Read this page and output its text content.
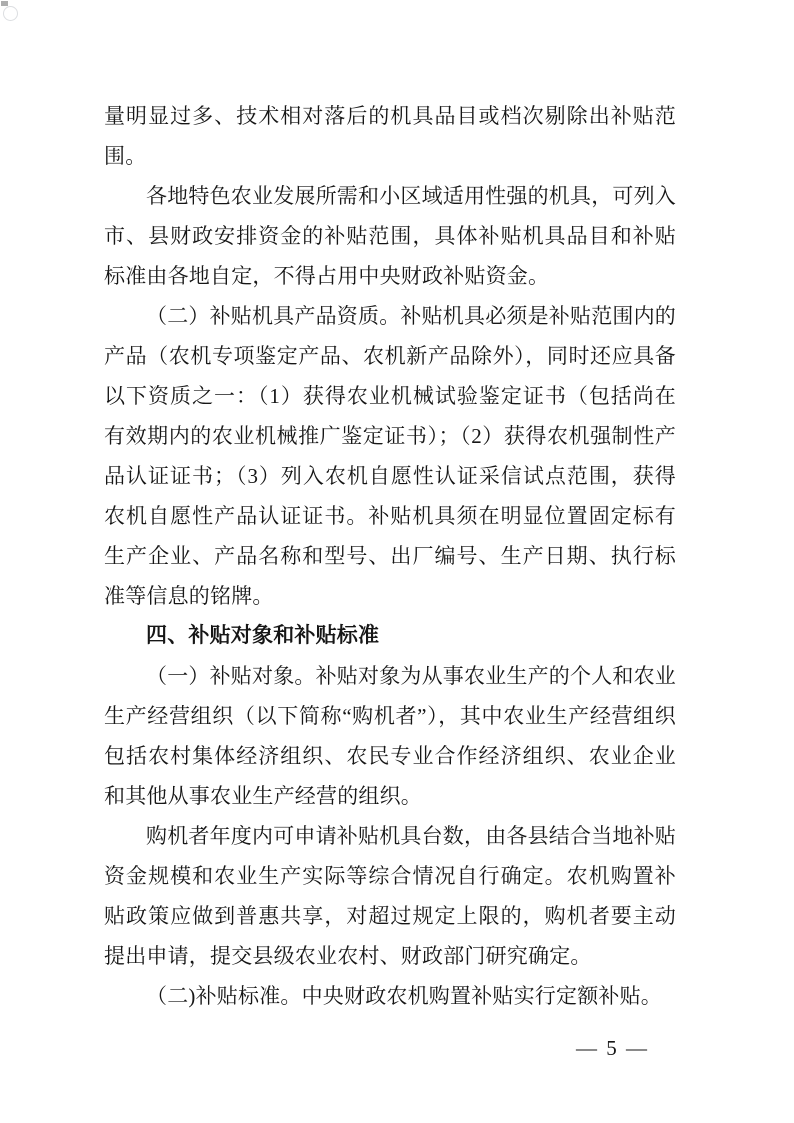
量明显过多、技术相对落后的机具品目或档次剔除出补贴范围。

各地特色农业发展所需和小区域适用性强的机具，可列入市、县财政安排资金的补贴范围，具体补贴机具品目和补贴标准由各地自定，不得占用中央财政补贴资金。

（二）补贴机具产品资质。补贴机具必须是补贴范围内的产品（农机专项鉴定产品、农机新产品除外），同时还应具备以下资质之一：（1）获得农业机械试验鉴定证书（包括尚在有效期内的农业机械推广鉴定证书）；（2）获得农机强制性产品认证证书；（3）列入农机自愿性认证采信试点范围，获得农机自愿性产品认证证书。补贴机具须在明显位置固定标有生产企业、产品名称和型号、出厂编号、生产日期、执行标准等信息的铭牌。

四、补贴对象和补贴标准

（一）补贴对象。补贴对象为从事农业生产的个人和农业生产经营组织（以下简称“购机者”），其中农业生产经营组织包括农村集体经济组织、农民专业合作经济组织、农业企业和其他从事农业生产经营的组织。

购机者年度内可申请补贴机具台数，由各县结合当地补贴资金规模和农业生产实际等综合情况自行确定。农机购置补贴政策应做到普惠共享，对超过规定上限的，购机者要主动提出申请，提交县级农业农村、财政部门研究确定。

（二)补贴标准。中央财政农机购置补贴实行定额补贴。

— 5 —
